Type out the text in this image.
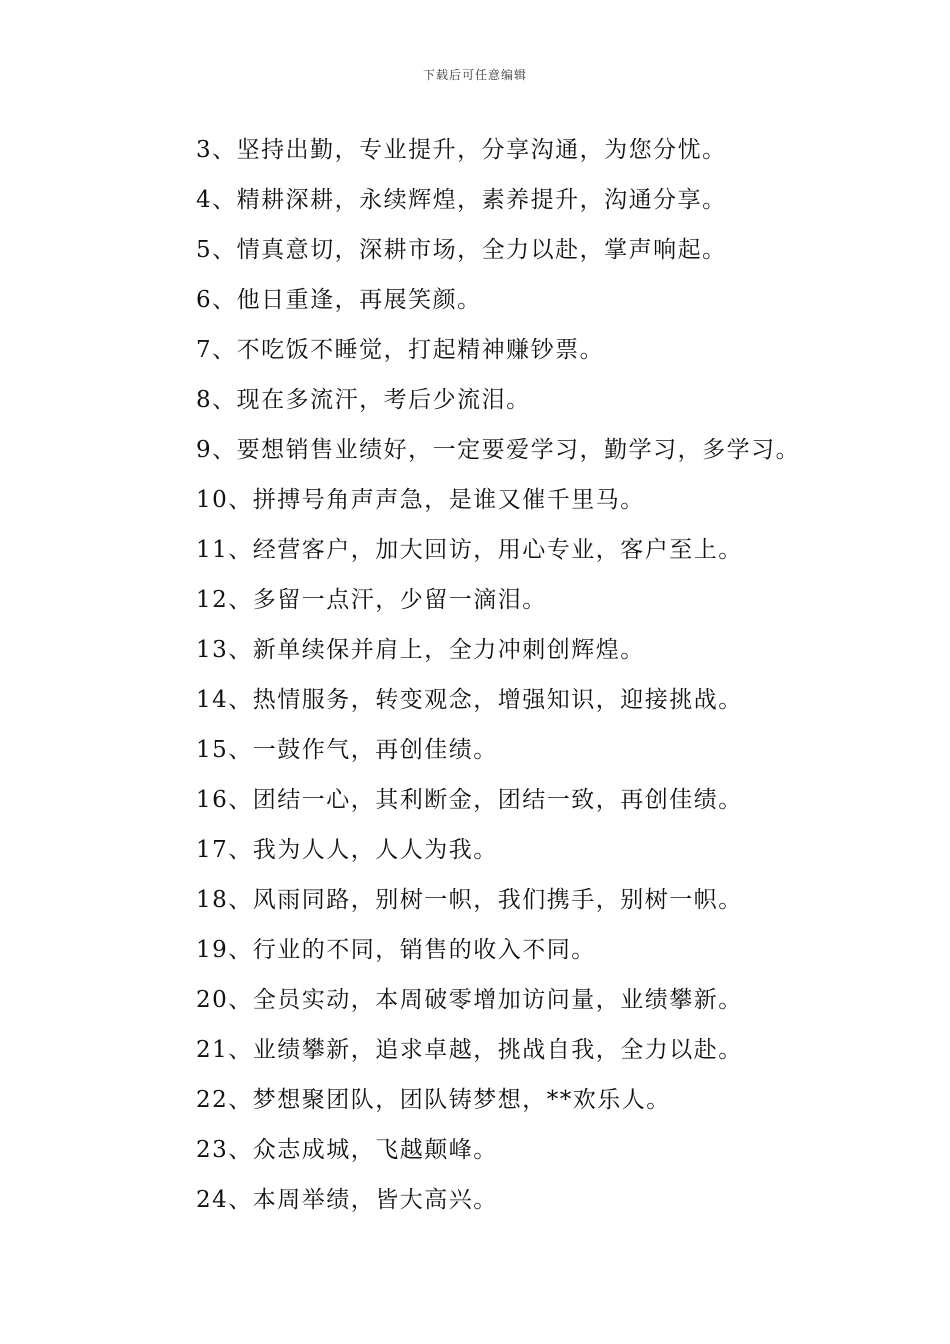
下载后可任意编辑
3、坚持出勤，专业提升，分享沟通，为您分忧。
4、精耕深耕，永续辉煌，素养提升，沟通分享。
5、情真意切，深耕市场，全力以赴，掌声响起。
6、他日重逢，再展笑颜。
7、不吃饭不睡觉，打起精神赚钞票。
8、现在多流汗，考后少流泪。
9、要想销售业绩好，一定要爱学习，勤学习，多学习。
10、拼搏号角声声急，是谁又催千里马。
11、经营客户，加大回访，用心专业，客户至上。
12、多留一点汗，少留一滴泪。
13、新单续保并肩上，全力冲刺创辉煌。
14、热情服务，转变观念，增强知识，迎接挑战。
15、一鼓作气，再创佳绩。
16、团结一心，其利断金，团结一致，再创佳绩。
17、我为人人，人人为我。
18、风雨同路，别树一帜，我们携手，别树一帜。
19、行业的不同，销售的收入不同。
20、全员实动，本周破零增加访问量，业绩攀新。
21、业绩攀新，追求卓越，挑战自我，全力以赴。
22、梦想聚团队，团队铸梦想，**欢乐人。
23、众志成城，飞越颠峰。
24、本周举绩，皆大高兴。
